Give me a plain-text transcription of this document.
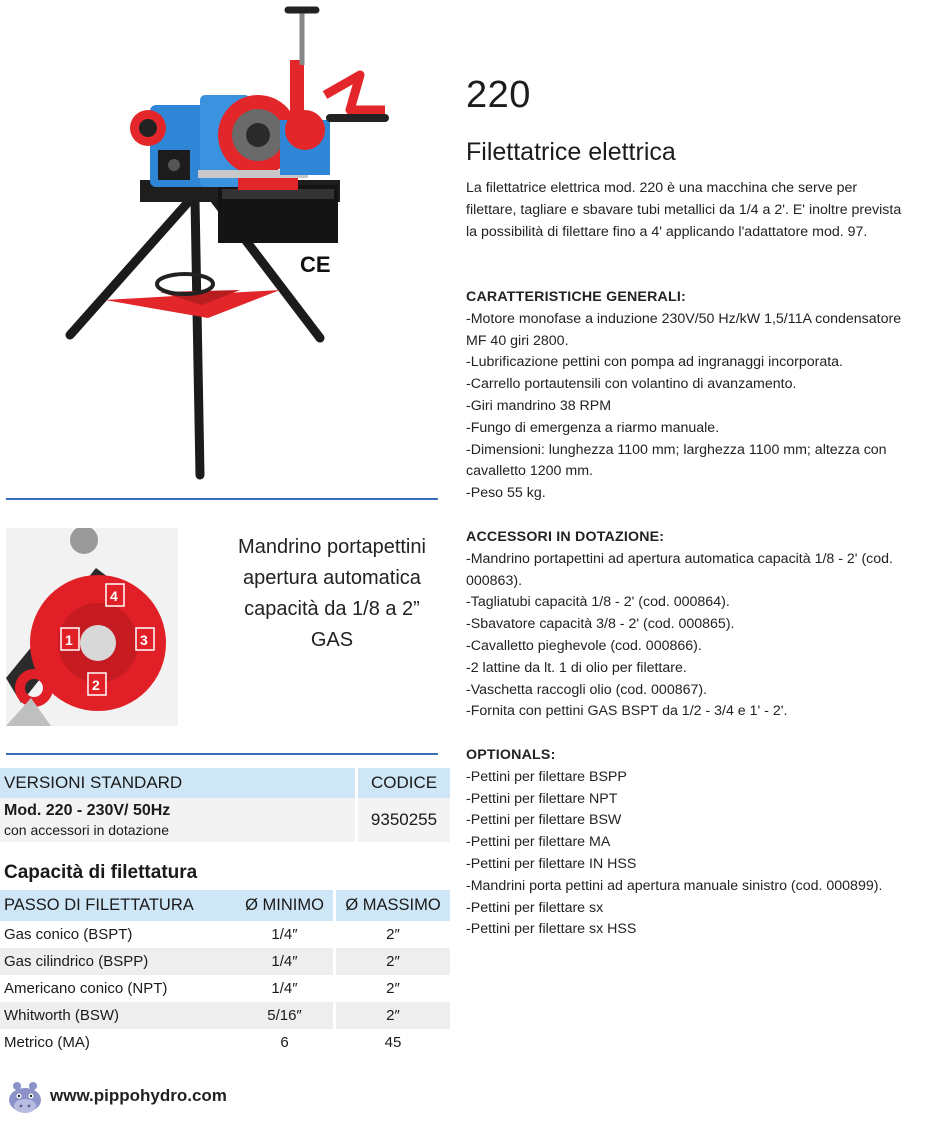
CE
220
Filettatrice elettrica
La filettatrice elettrica mod. 220 è una macchina che serve per filettare, tagliare e sbavare tubi metallici da 1/4 a 2'. E' inoltre prevista la possibilità di filettare fino a 4' applicando l'adattatore mod. 97.
CARATTERISTICHE GENERALI:
-Motore monofase a induzione 230V/50 Hz/kW 1,5/11A condensatore MF 40 giri 2800.
-Lubrificazione pettini con pompa ad ingranaggi incorporata.
-Carrello portautensili con volantino di avanzamento.
-Giri mandrino 38 RPM
-Fungo di emergenza a riarmo manuale.
-Dimensioni: lunghezza 1100 mm; larghezza 1100 mm; altezza con cavalletto 1200 mm.
-Peso 55 kg.
ACCESSORI IN DOTAZIONE:
-Mandrino portapettini ad apertura automatica capacità 1/8 - 2' (cod. 000863).
-Tagliatubi capacità 1/8 - 2' (cod. 000864).
-Sbavatore capacità 3/8 - 2' (cod. 000865).
-Cavalletto pieghevole (cod. 000866).
-2 lattine da lt. 1 di olio per filettare.
-Vaschetta raccogli olio (cod. 000867).
-Fornita con pettini GAS BSPT da 1/2 - 3/4 e 1' - 2'.
OPTIONALS:
-Pettini per filettare BSPP
-Pettini per filettare NPT
-Pettini per filettare BSW
-Pettini per filettare MA
-Pettini per filettare IN HSS
-Mandrini porta pettini ad apertura manuale sinistro (cod. 000899).
-Pettini per filettare sx
-Pettini per filettare sx HSS
4
3
1
2
Mandrino portapettini
apertura automatica
capacità da 1/8 a 2”
GAS
VERSIONI STANDARD	CODICE

Mod. 220 - 230V/ 50Hz
con accessori in dotazione	9350255
Capacità di filettatura
PASSO DI FILETTATURA	Ø MINIMO	Ø MASSIMO
Gas conico (BSPT)	1/4″	2″
Gas cilindrico (BSPP)	1/4″	2″
Americano conico (NPT)	1/4″	2″
Whitworth (BSW)	5/16″	2″
Metrico (MA)	6	45
www.pippohydro.com
